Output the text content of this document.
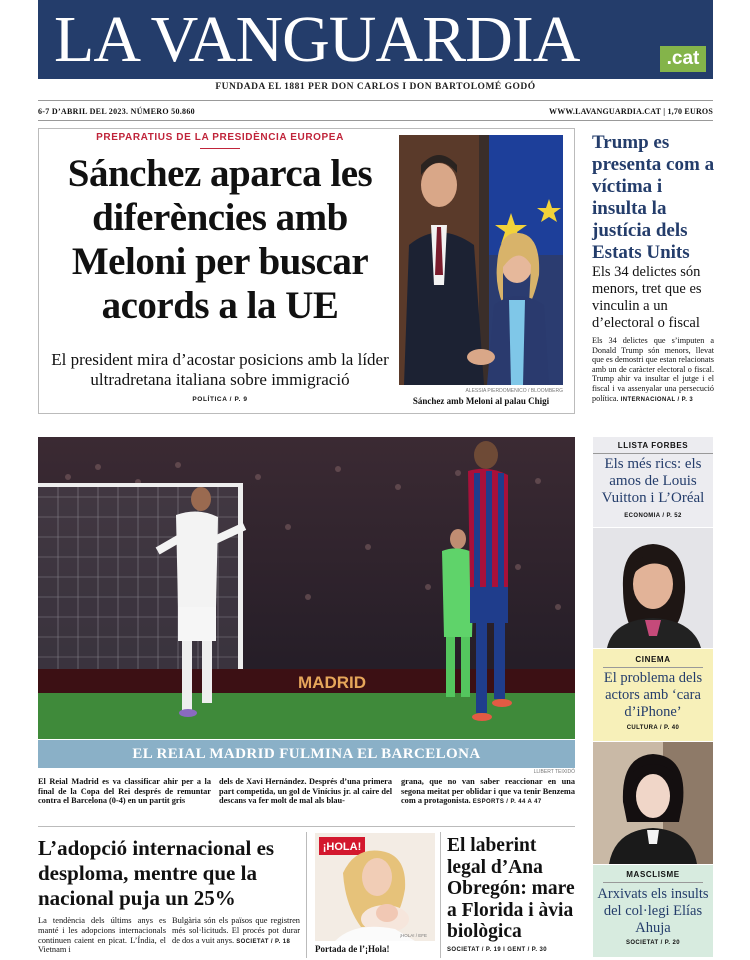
LA VANGUARDIA	.cat
FUNDADA EL 1881 PER DON CARLOS I DON BARTOLOMÉ GODÓ
6-7 D’ABRIL DEL 2023. NÚMERO 50.860	WWW.LAVANGUARDIA.CAT | 1,70 EUROS
PREPARATIUS DE LA PRESIDÈNCIA EUROPEA
Sánchez aparca les diferències amb Meloni per buscar acords a la UE
El president mira d’acostar posicions amb la líder ultradretana italiana sobre immigració
POLÍTICA / P. 9
ALESSIA PIERDOMENICO / BLOOMBERG
Sánchez amb Meloni al palau Chigi
Trump es presenta com a víctima i insulta la justícia dels Estats Units
Els 34 delictes són menors, tret que es vinculin a un d’electoral o fiscal
Els 34 delictes que s’imputen a Donald Trump són menors, llevat que es demostri que estan relacionats amb un de caràcter electoral o fiscal. Trump ahir va insultar el jutge i el fiscal i va assenyalar una persecució política. INTERNACIONAL / P. 3
MADRID
EL REIAL MADRID FULMINA EL BARCELONA
LLIBERT TEIXIDÓ
El Reial Madrid es va classificar ahir per a la final de la Copa del Rei després de remuntar contra el Barcelona (0-4) en un partit gris
dels de Xavi Hernández. Després d’una primera part competida, un gol de Vinícius jr. al caire del descans va fer molt de mal als blau-
grana, que no van saber reaccionar en una segona meitat per oblidar i que va tenir Benzema com a protagonista. ESPORTS / P. 44 A 47
LLISTA FORBES
Els més rics: els amos de Louis Vuitton i L’Oréal
ECONOMIA / P. 52
CINEMA
El problema dels actors amb ‘cara d’iPhone’
CULTURA / P. 40
MASCLISME
Arxivats els insults del col·legi Elías Ahuja
SOCIETAT / P. 20
L’adopció internacional es desploma, mentre que la nacional puja un 25%
La tendència dels últims anys es manté i les adopcions internacionals continuen caient en picat. L’Índia, el Vietnam i
Bulgària són els països que registren més sol·licituds. El procés pot durar de dos a vuit anys. SOCIETAT / P. 18
¡HOLA!
¡HOLA! / EFE
Portada de l’¡Hola!
El laberint legal d’Ana Obregón: mare a Florida i àvia biològica
SOCIETAT / P. 19 I GENT / P. 30
